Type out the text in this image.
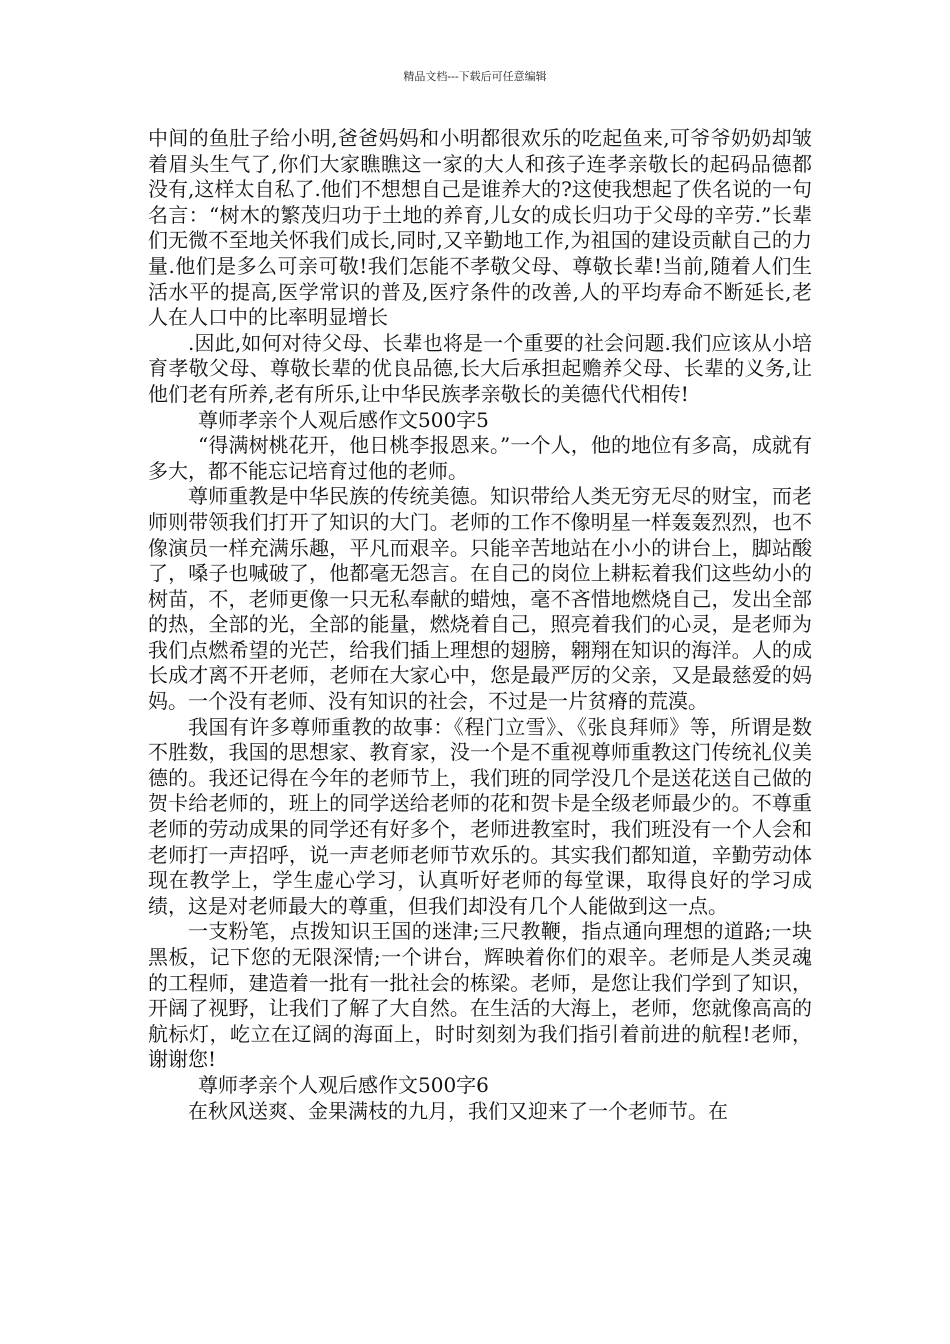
精品文档---下载后可任意编辑

中间的鱼肚子给小明,爸爸妈妈和小明都很欢乐的吃起鱼来,可爷爷奶奶却皱着眉头生气了,你们大家瞧瞧这一家的大人和孩子连孝亲敬长的起码品德都没有,这样太自私了.他们不想想自己是谁养大的?这使我想起了佚名说的一句名言：“树木的繁茂归功于土地的养育,儿女的成长归功于父母的辛劳.”长辈们无微不至地关怀我们成长,同时,又辛勤地工作,为祖国的建设贡献自己的力量.他们是多么可亲可敬!我们怎能不孝敬父母、尊敬长辈!当前,随着人们生活水平的提高,医学常识的普及,医疗条件的改善,人的平均寿命不断延长,老人在人口中的比率明显增长

.因此,如何对待父母、长辈也将是一个重要的社会问题.我们应该从小培育孝敬父母、尊敬长辈的优良品德,长大后承担起赡养父母、长辈的义务,让他们老有所养,老有所乐,让中华民族孝亲敬长的美德代代相传!

尊师孝亲个人观后感作文500字5

“得满树桃花开，他日桃李报恩来。”一个人，他的地位有多高，成就有多大，都不能忘记培育过他的老师。

尊师重教是中华民族的传统美德。知识带给人类无穷无尽的财宝，而老师则带领我们打开了知识的大门。老师的工作不像明星一样轰轰烈烈，也不像演员一样充满乐趣，平凡而艰辛。只能辛苦地站在小小的讲台上，脚站酸了，嗓子也喊破了，他都毫无怨言。在自己的岗位上耕耘着我们这些幼小的树苗，不，老师更像一只无私奉献的蜡烛，毫不吝惜地燃烧自己，发出全部的热，全部的光，全部的能量，燃烧着自己，照亮着我们的心灵，是老师为我们点燃希望的光芒，给我们插上理想的翅膀，翱翔在知识的海洋。人的成长成才离不开老师，老师在大家心中，您是最严厉的父亲，又是最慈爱的妈妈。一个没有老师、没有知识的社会，不过是一片贫瘠的荒漠。

我国有许多尊师重教的故事：《程门立雪》、《张良拜师》等，所谓是数不胜数，我国的思想家、教育家，没一个是不重视尊师重教这门传统礼仪美德的。我还记得在今年的老师节上，我们班的同学没几个是送花送自己做的贺卡给老师的，班上的同学送给老师的花和贺卡是全级老师最少的。不尊重老师的劳动成果的同学还有好多个，老师进教室时，我们班没有一个人会和老师打一声招呼，说一声老师老师节欢乐的。其实我们都知道，辛勤劳动体现在教学上，学生虚心学习，认真听好老师的每堂课，取得良好的学习成绩，这是对老师最大的尊重，但我们却没有几个人能做到这一点。

一支粉笔，点拨知识王国的迷津;三尺教鞭，指点通向理想的道路;一块黑板，记下您的无限深情;一个讲台，辉映着你们的艰辛。老师是人类灵魂的工程师，建造着一批有一批社会的栋梁。老师，是您让我们学到了知识，开阔了视野，让我们了解了大自然。在生活的大海上，老师，您就像高高的航标灯，屹立在辽阔的海面上，时时刻刻为我们指引着前进的航程!老师，谢谢您!

尊师孝亲个人观后感作文500字6

在秋风送爽、金果满枝的九月，我们又迎来了一个老师节。在
